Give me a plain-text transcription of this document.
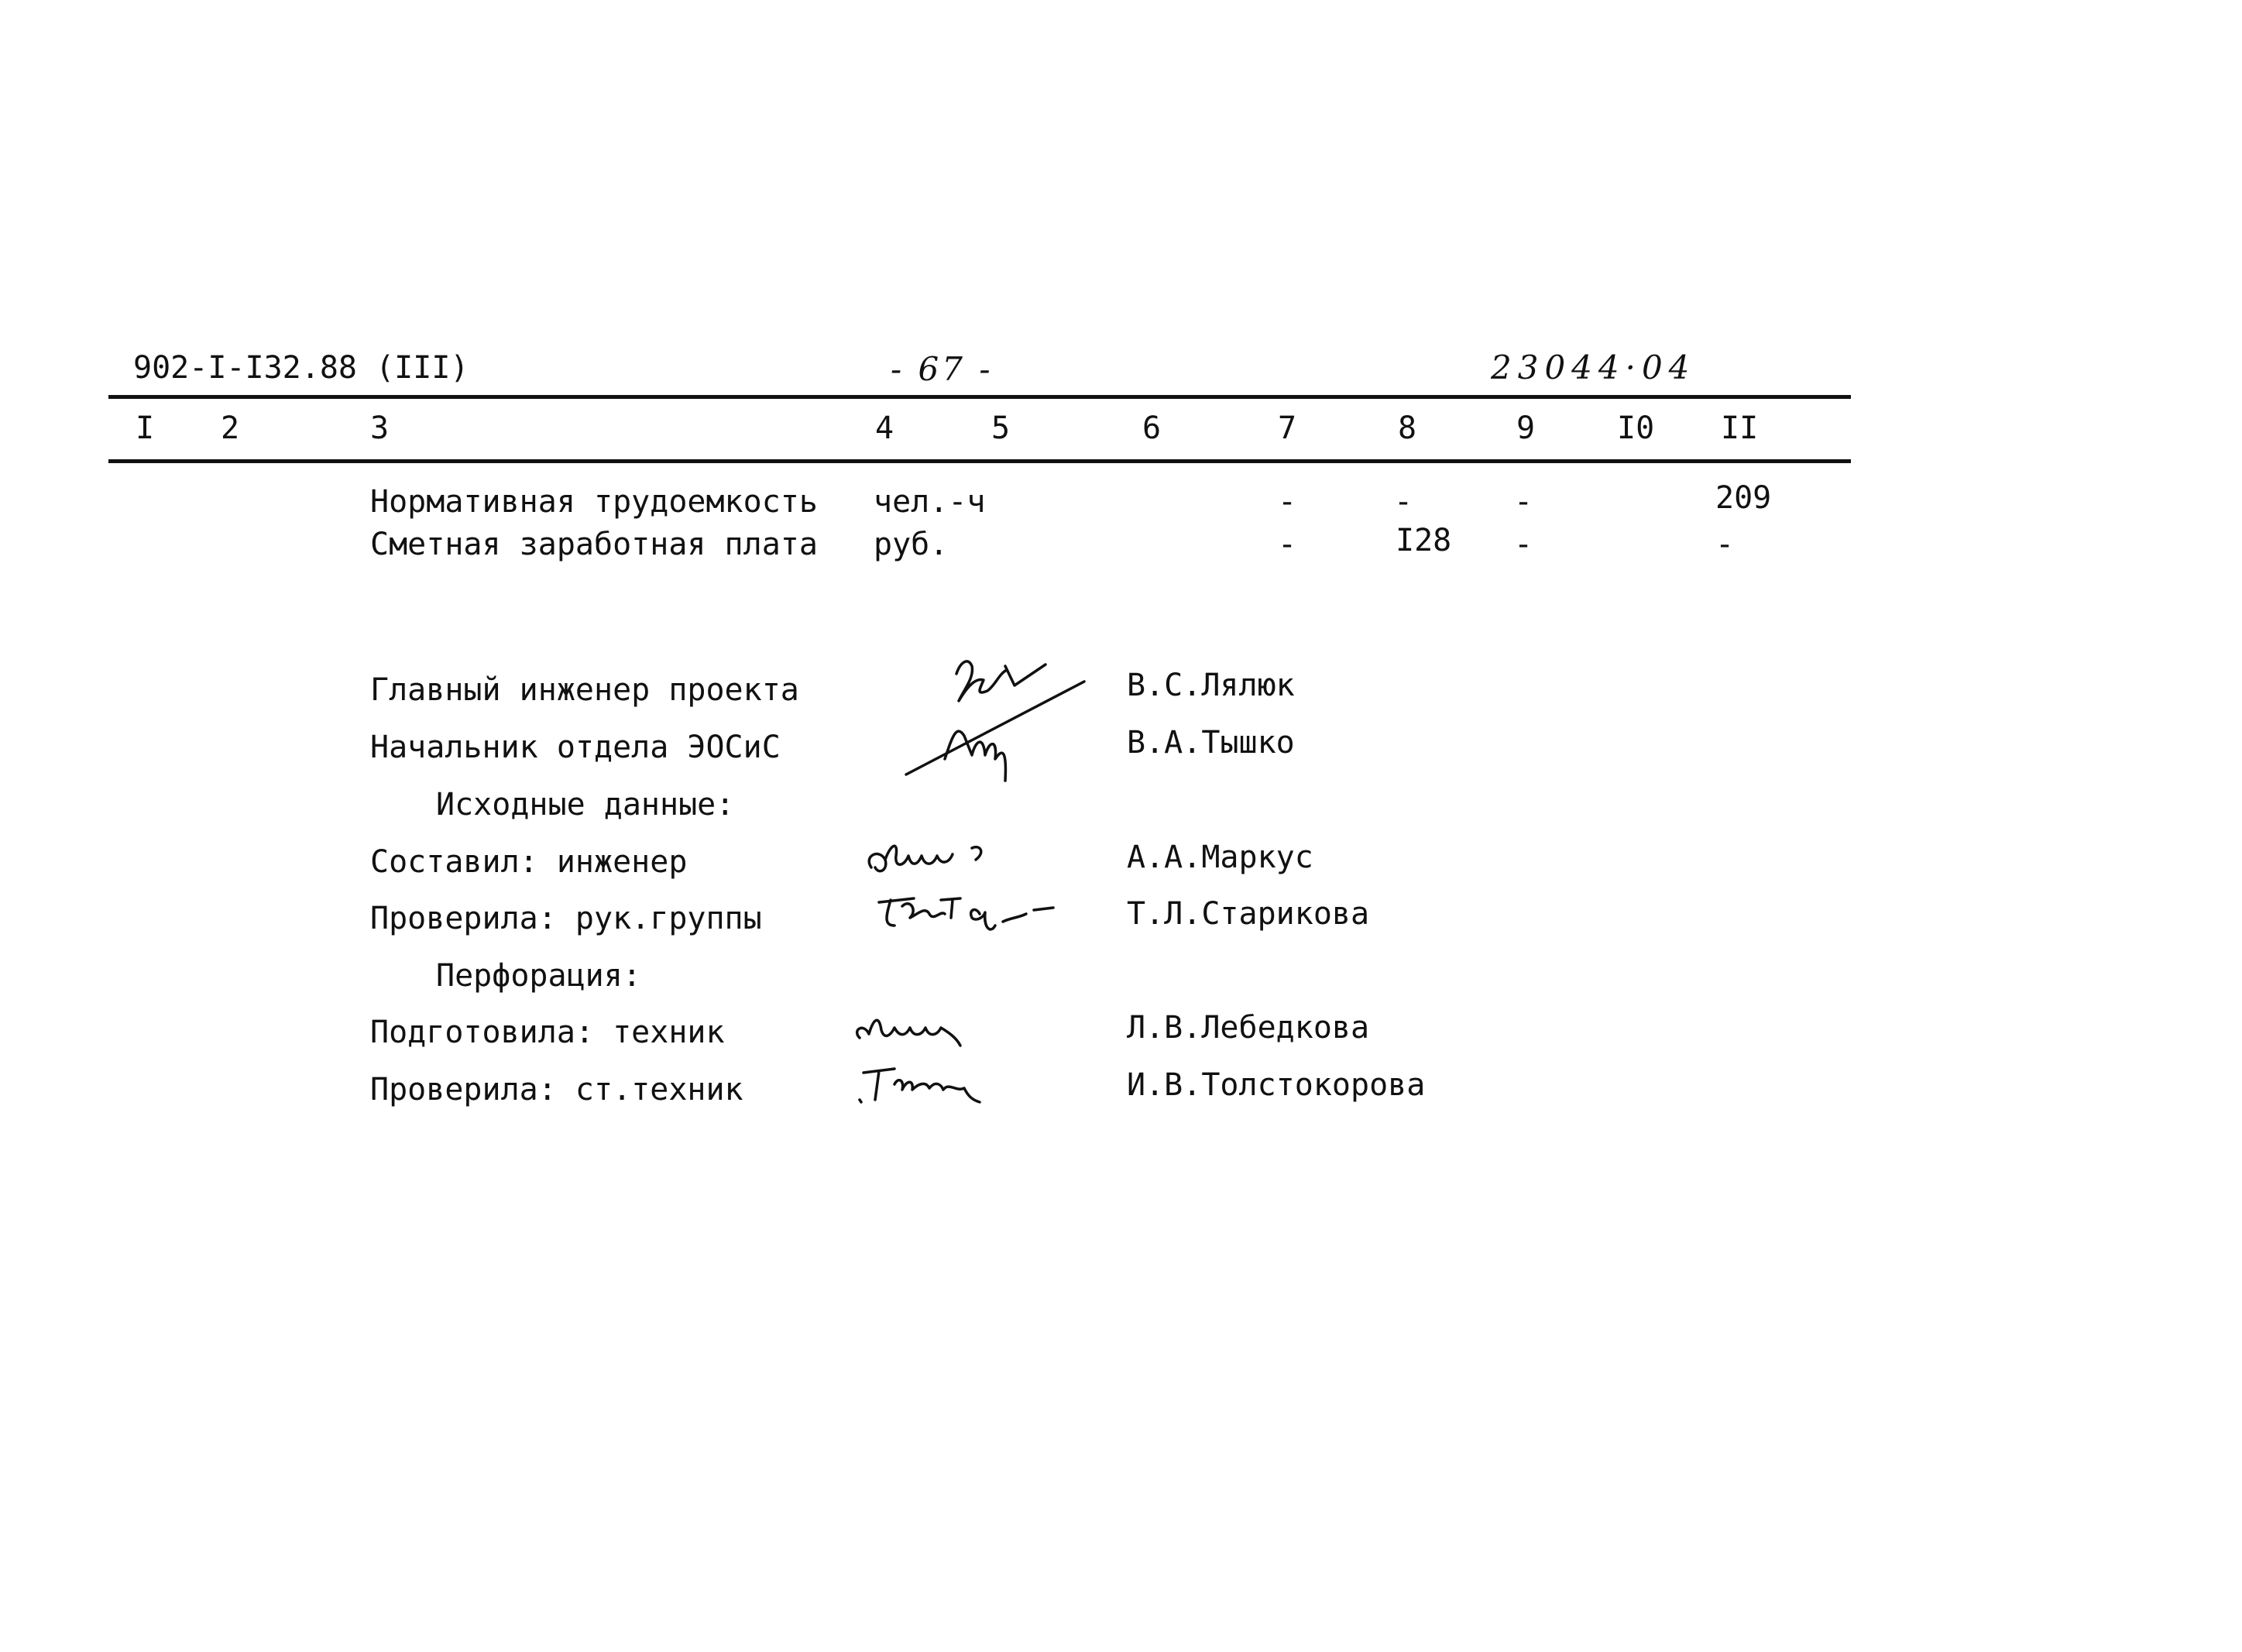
902-I-I32.88 (III)	- 67 -	23044·04
I 2	3	4	5	6	7	8	9	I0 II
Нормативная трудоемкость чел.-ч	-	-	-	209
Сметная заработная плата руб.	-	I28 -	-
Главный инженер проекта	В.С.Лялюк
Начальник отдела ЭОСиС	В.А.Тышко
Исходные данные:
Составил: инженер	А.А.Маркус
Проверила: рук.группы	Т.Л.Старикова
Перфорация:
Подготовила: техник	Л.В.Лебедкова
Проверила: ст.техник	И.В.Толстокорова
